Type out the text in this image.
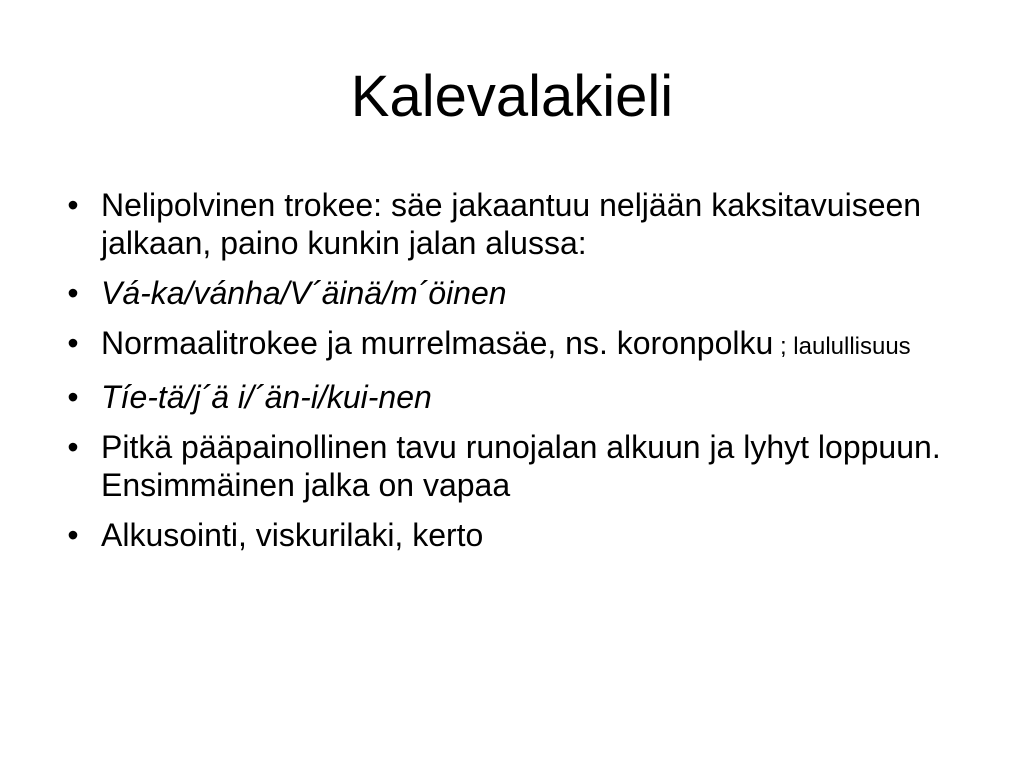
Kalevalakieli
• Nelipolvinen trokee: säe jakaantuu neljään kaksitavuiseen jalkaan, paino kunkin jalan alussa:
• Vá-ka/vánha/V´äinä/m´öinen
• Normaalitrokee ja murrelmasäe, ns. koronpolku ; laulullisuus
• Tíe-tä/j´ä i/´än-i/kui-nen
• Pitkä pääpainollinen tavu runojalan alkuun ja lyhyt loppuun. Ensimmäinen jalka on vapaa
• Alkusointi, viskurilaki, kerto
